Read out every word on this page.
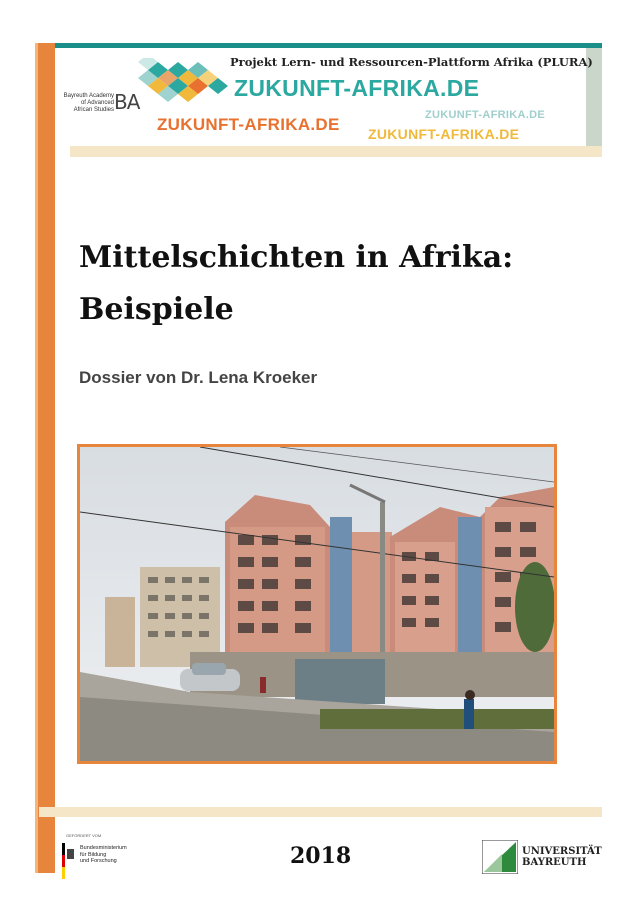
Projekt Lern- und Ressourcen-Plattform Afrika (PLURA)
ZUKUNFT-AFRIKA.DE
ZUKUNFT-AFRIKA.DE
ZUKUNFT-AFRIKA.DE ZUKUNFT-AFRIKA.DE
Bayreuth Academy
of Advanced
African Studies BA
Mittelschichten in Afrika:
Beispiele
Dossier von Dr. Lena Kroeker
GEFÖRDERT VOM
Bundesministerium
für Bildung
und Forschung	2018	UNIVERSITÄT
BAYREUTH
